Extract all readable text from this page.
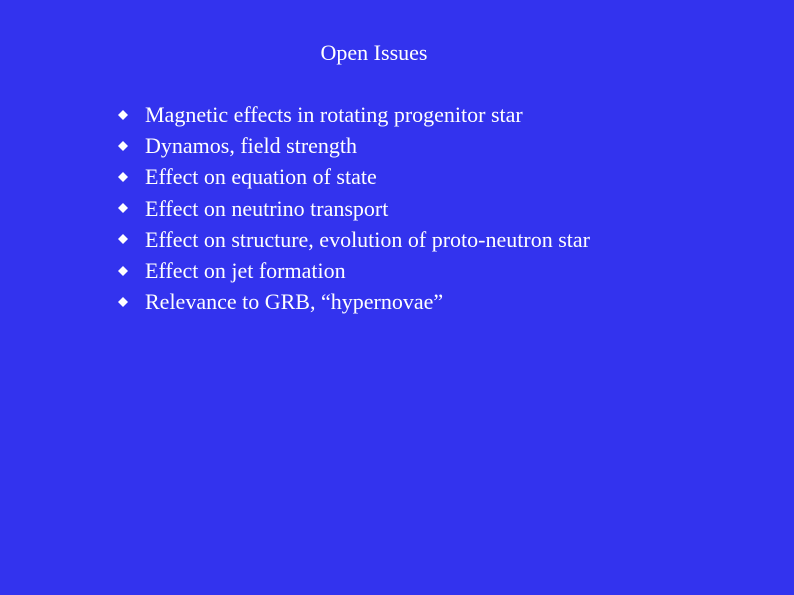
Open Issues
Magnetic effects in rotating progenitor star
Dynamos, field strength
Effect on equation of state
Effect on neutrino transport
Effect on structure, evolution of proto-neutron star
Effect on jet formation
Relevance to GRB, “hypernovae”
